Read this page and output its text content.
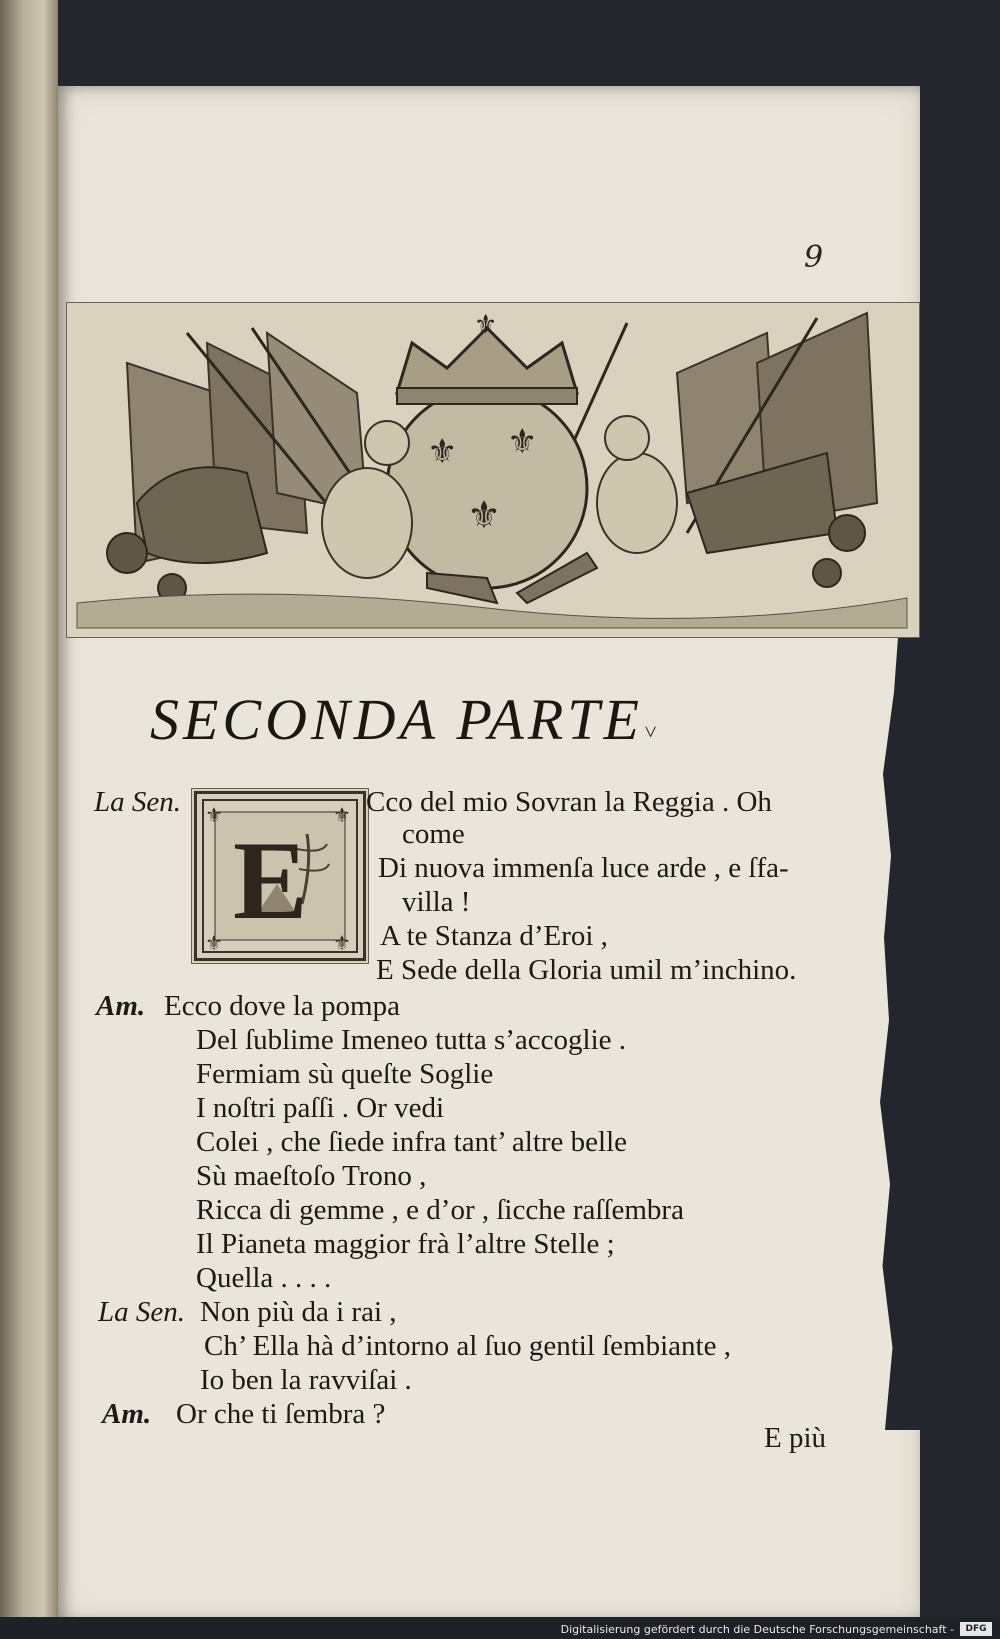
9
⚜ ⚜
⚜
⚜
SECONDA PARTE˅
E
⚜	⚜
⚜	⚜
La Sen.	Cco del mio Sovran la Reggia . Oh
come
Di nuova immenſa luce arde , e ſfa-
villa !
A te Stanza d’Eroi ,
E Sede della Gloria umil m’inchino.
Am. Ecco dove la pompa
Del ſublime Imeneo tutta s’accoglie .
Fermiam sù queſte Soglie
I noſtri paſſi . Or vedi
Colei , che ſiede infra tant’ altre belle
Sù maeſtoſo Trono ,
Ricca di gemme , e d’or , ſicche raſſembra
Il Pianeta maggior frà l’altre Stelle ;
Quella . . . .
La Sen. Non più da i rai ,
Ch’ Ella hà d’intorno al ſuo gentil ſembiante ,
Io ben la ravviſai .
Am. Or che ti ſembra ?
E più
Digitalisierung gefördert durch die Deutsche Forschungsgemeinschaft -	DFG
